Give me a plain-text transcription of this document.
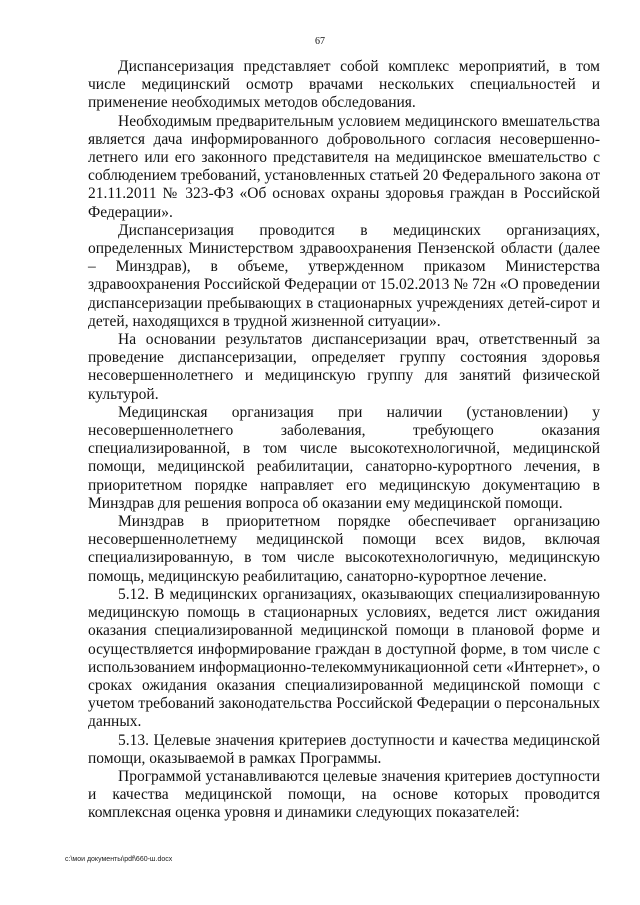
67

Диспансеризация представляет собой комплекс мероприятий, в том числе медицинский осмотр врачами нескольких специальностей и применение необходимых методов обследования.

Необходимым предварительным условием медицинского вмешательства является дача информированного добровольного согласия несовершеннолетнего или его законного представителя на медицинское вмешательство с соблюдением требований, установленных статьей 20 Федерального закона от 21.11.2011 № 323-ФЗ «Об основах охраны здоровья граждан в Российской Федерации».

Диспансеризация проводится в медицинских организациях, определенных Министерством здравоохранения Пензенской области (далее – Минздрав), в объеме, утвержденном приказом Министерства здравоохранения Российской Федерации от 15.02.2013 № 72н «О проведении диспансеризации пребывающих в стационарных учреждениях детей-сирот и детей, находящихся в трудной жизненной ситуации».

На основании результатов диспансеризации врач, ответственный за проведение диспансеризации, определяет группу состояния здоровья несовершеннолетнего и медицинскую группу для занятий физической культурой.

Медицинская организация при наличии (установлении) у несовершеннолетнего заболевания, требующего оказания специализированной, в том числе высокотехнологичной, медицинской помощи, медицинской реабилитации, санаторно-курортного лечения, в приоритетном порядке направляет его медицинскую документацию в Минздрав для решения вопроса об оказании ему медицинской помощи.

Минздрав в приоритетном порядке обеспечивает организацию несовершеннолетнему медицинской помощи всех видов, включая специализированную, в том числе высокотехнологичную, медицинскую помощь, медицинскую реабилитацию, санаторно-курортное лечение.

5.12. В медицинских организациях, оказывающих специализированную медицинскую помощь в стационарных условиях, ведется лист ожидания оказания специализированной медицинской помощи в плановой форме и осуществляется информирование граждан в доступной форме, в том числе с использованием информационно-телекоммуникационной сети «Интернет», о сроках ожидания оказания специализированной медицинской помощи с учетом требований законодательства Российской Федерации о персональных данных.

5.13. Целевые значения критериев доступности и качества медицинской помощи, оказываемой в рамках Программы.

Программой устанавливаются целевые значения критериев доступности и качества медицинской помощи, на основе которых проводится комплексная оценка уровня и динамики следующих показателей:

c:\мои документы\pdf\660-ш.docx
